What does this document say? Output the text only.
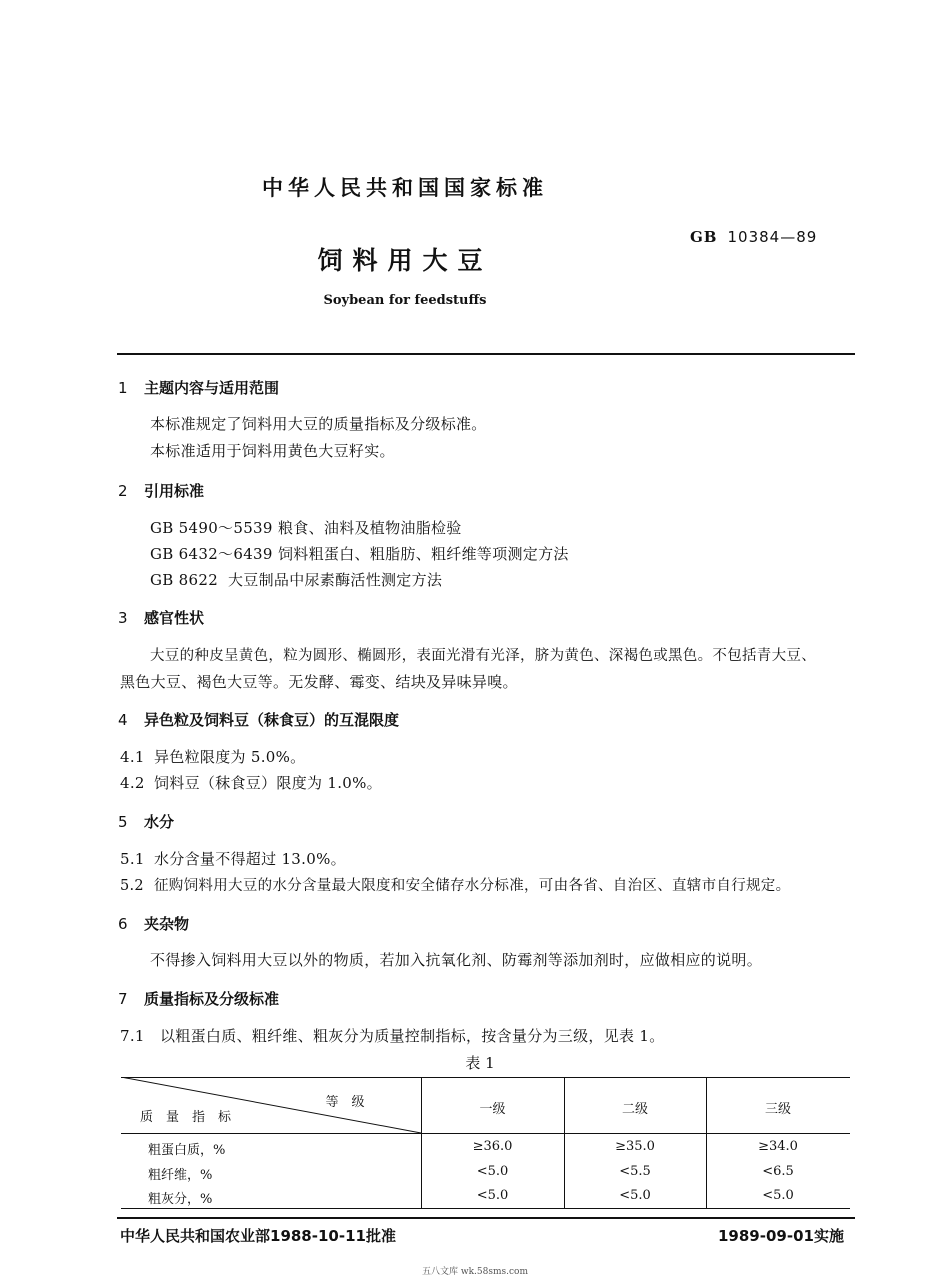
中华人民共和国国家标准
GB 10384—89
饲料用大豆
Soybean for feedstuffs
1 主题内容与适用范围
本标准规定了饲料用大豆的质量指标及分级标准。
本标准适用于饲料用黄色大豆籽实。
2 引用标准
GB 5490～5539 粮食、油料及植物油脂检验
GB 6432～6439 饲料粗蛋白、粗脂肪、粗纤维等项测定方法
GB 8622 大豆制品中尿素酶活性测定方法
3 感官性状
大豆的种皮呈黄色，粒为圆形、椭圆形，表面光滑有光泽，脐为黄色、深褐色或黑色。不包括青大豆、
黑色大豆、褐色大豆等。无发酵、霉变、结块及异味异嗅。
4 异色粒及饲料豆（秣食豆）的互混限度
4.1 异色粒限度为 5.0%。
4.2 饲料豆（秣食豆）限度为 1.0%。
5 水分
5.1 水分含量不得超过 13.0%。
5.2 征购饲料用大豆的水分含量最大限度和安全储存水分标准，可由各省、自治区、直辖市自行规定。
6 夹杂物
不得掺入饲料用大豆以外的物质，若加入抗氧化剂、防霉剂等添加剂时，应做相应的说明。
7 质量指标及分级标准
7.1 以粗蛋白质、粗纤维、粗灰分为质量控制指标，按含量分为三级，见表 1。
表 1
等　级
质　量　指　标
一级	二级	三级
粗蛋白质，%	≥36.0	≥35.0	≥34.0
粗纤维，%	<5.0	<5.5	<6.5
粗灰分，%	<5.0	<5.0	<5.0
中华人民共和国农业部1988-10-11批准	1989-09-01实施
五八文库 wk.58sms.com
